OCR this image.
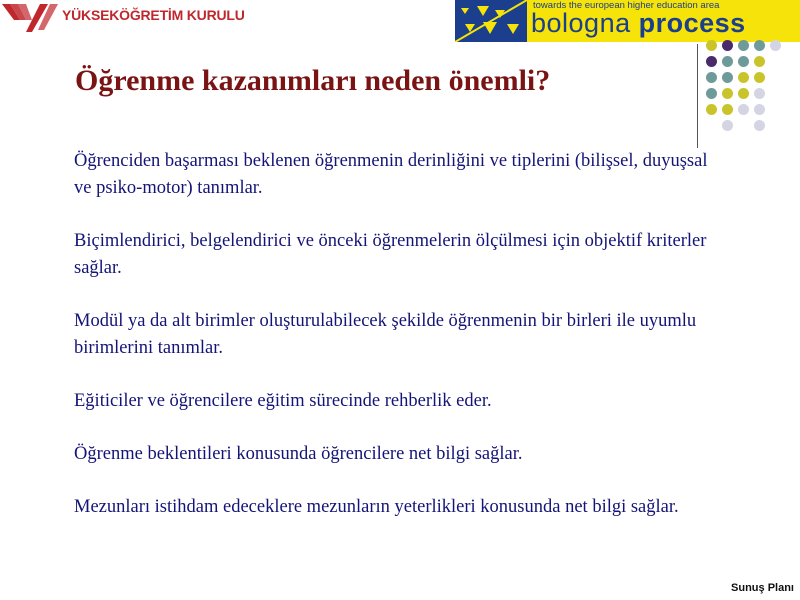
YÜKSEKÖĞRETİM KURULU
towards the european higher education area
bologna process
Öğrenme kazanımları neden önemli?

Öğrenciden başarması beklenen öğrenmenin derinliğini ve tiplerini (bilişsel, duyuşsal ve psiko-motor) tanımlar.

Biçimlendirici, belgelendirici ve önceki öğrenmelerin ölçülmesi için objektif kriterler sağlar.

Modül ya da alt birimler oluşturulabilecek şekilde öğrenmenin bir birleri ile uyumlu birimlerini tanımlar.

Eğiticiler ve öğrencilere eğitim sürecinde rehberlik eder.

Öğrenme beklentileri konusunda öğrencilere net bilgi sağlar.

Mezunları istihdam edeceklere mezunların yeterlikleri konusunda net bilgi sağlar.

Sunuş Planı
